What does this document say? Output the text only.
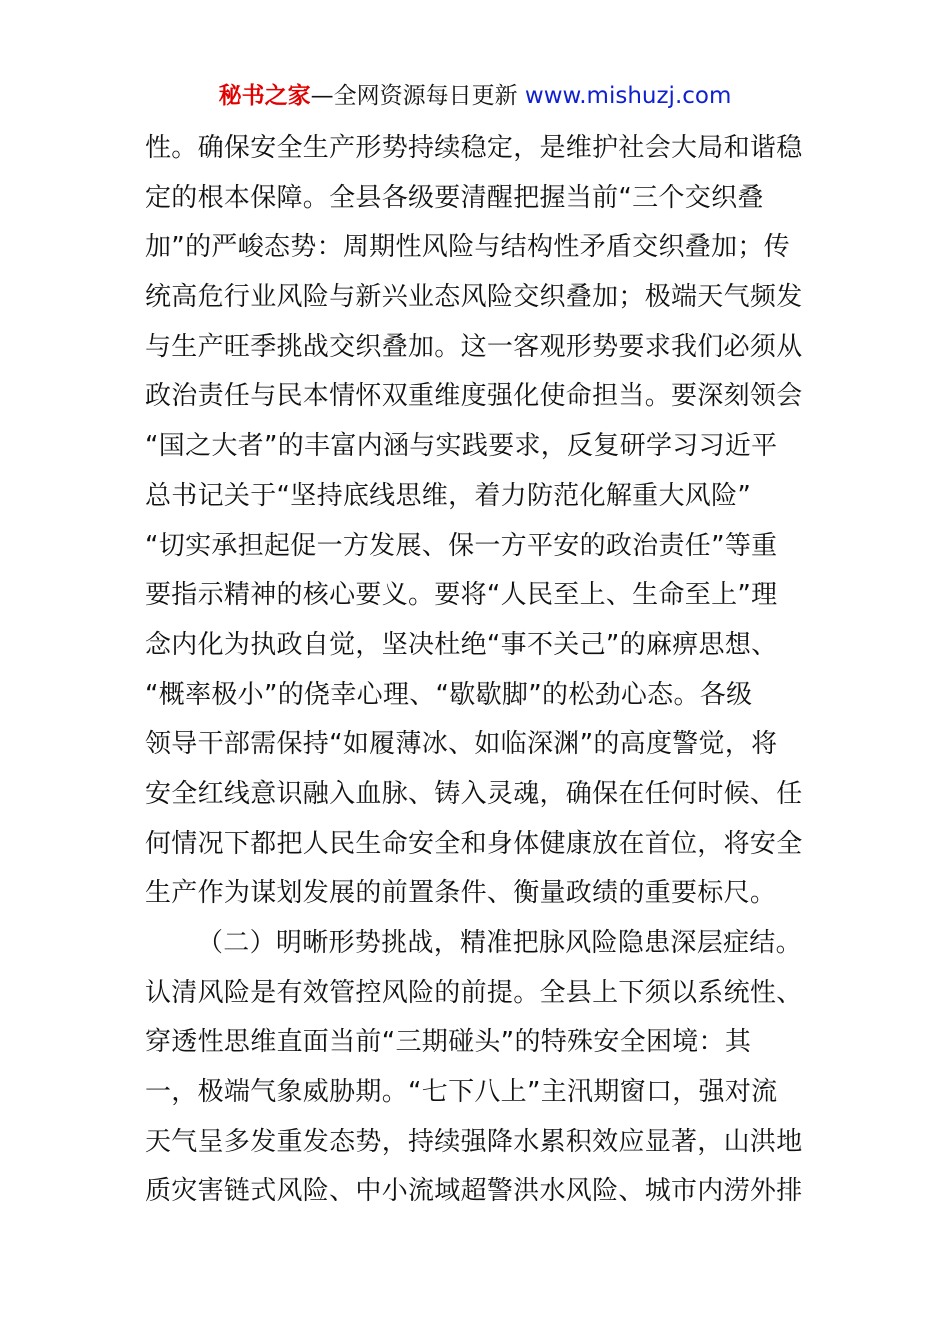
秘书之家—全网资源每日更新 www.mishuzj.com
性。确保安全生产形势持续稳定，是维护社会大局和谐稳
定的根本保障。全县各级要清醒把握当前“三个交织叠
加”的严峻态势：周期性风险与结构性矛盾交织叠加；传
统高危行业风险与新兴业态风险交织叠加；极端天气频发
与生产旺季挑战交织叠加。这一客观形势要求我们必须从
政治责任与民本情怀双重维度强化使命担当。要深刻领会
“国之大者”的丰富内涵与实践要求，反复研学习习近平
总书记关于“坚持底线思维，着力防范化解重大风险”
“切实承担起促一方发展、保一方平安的政治责任”等重
要指示精神的核心要义。要将“人民至上、生命至上”理
念内化为执政自觉，坚决杜绝“事不关己”的麻痹思想、
“概率极小”的侥幸心理、“歇歇脚”的松劲心态。各级
领导干部需保持“如履薄冰、如临深渊”的高度警觉，将
安全红线意识融入血脉、铸入灵魂，确保在任何时候、任
何情况下都把人民生命安全和身体健康放在首位，将安全
生产作为谋划发展的前置条件、衡量政绩的重要标尺。
（二）明晰形势挑战，精准把脉风险隐患深层症结。
认清风险是有效管控风险的前提。全县上下须以系统性、
穿透性思维直面当前“三期碰头”的特殊安全困境：其
一，极端气象威胁期。“七下八上”主汛期窗口，强对流
天气呈多发重发态势，持续强降水累积效应显著，山洪地
质灾害链式风险、中小流域超警洪水风险、城市内涝外排
